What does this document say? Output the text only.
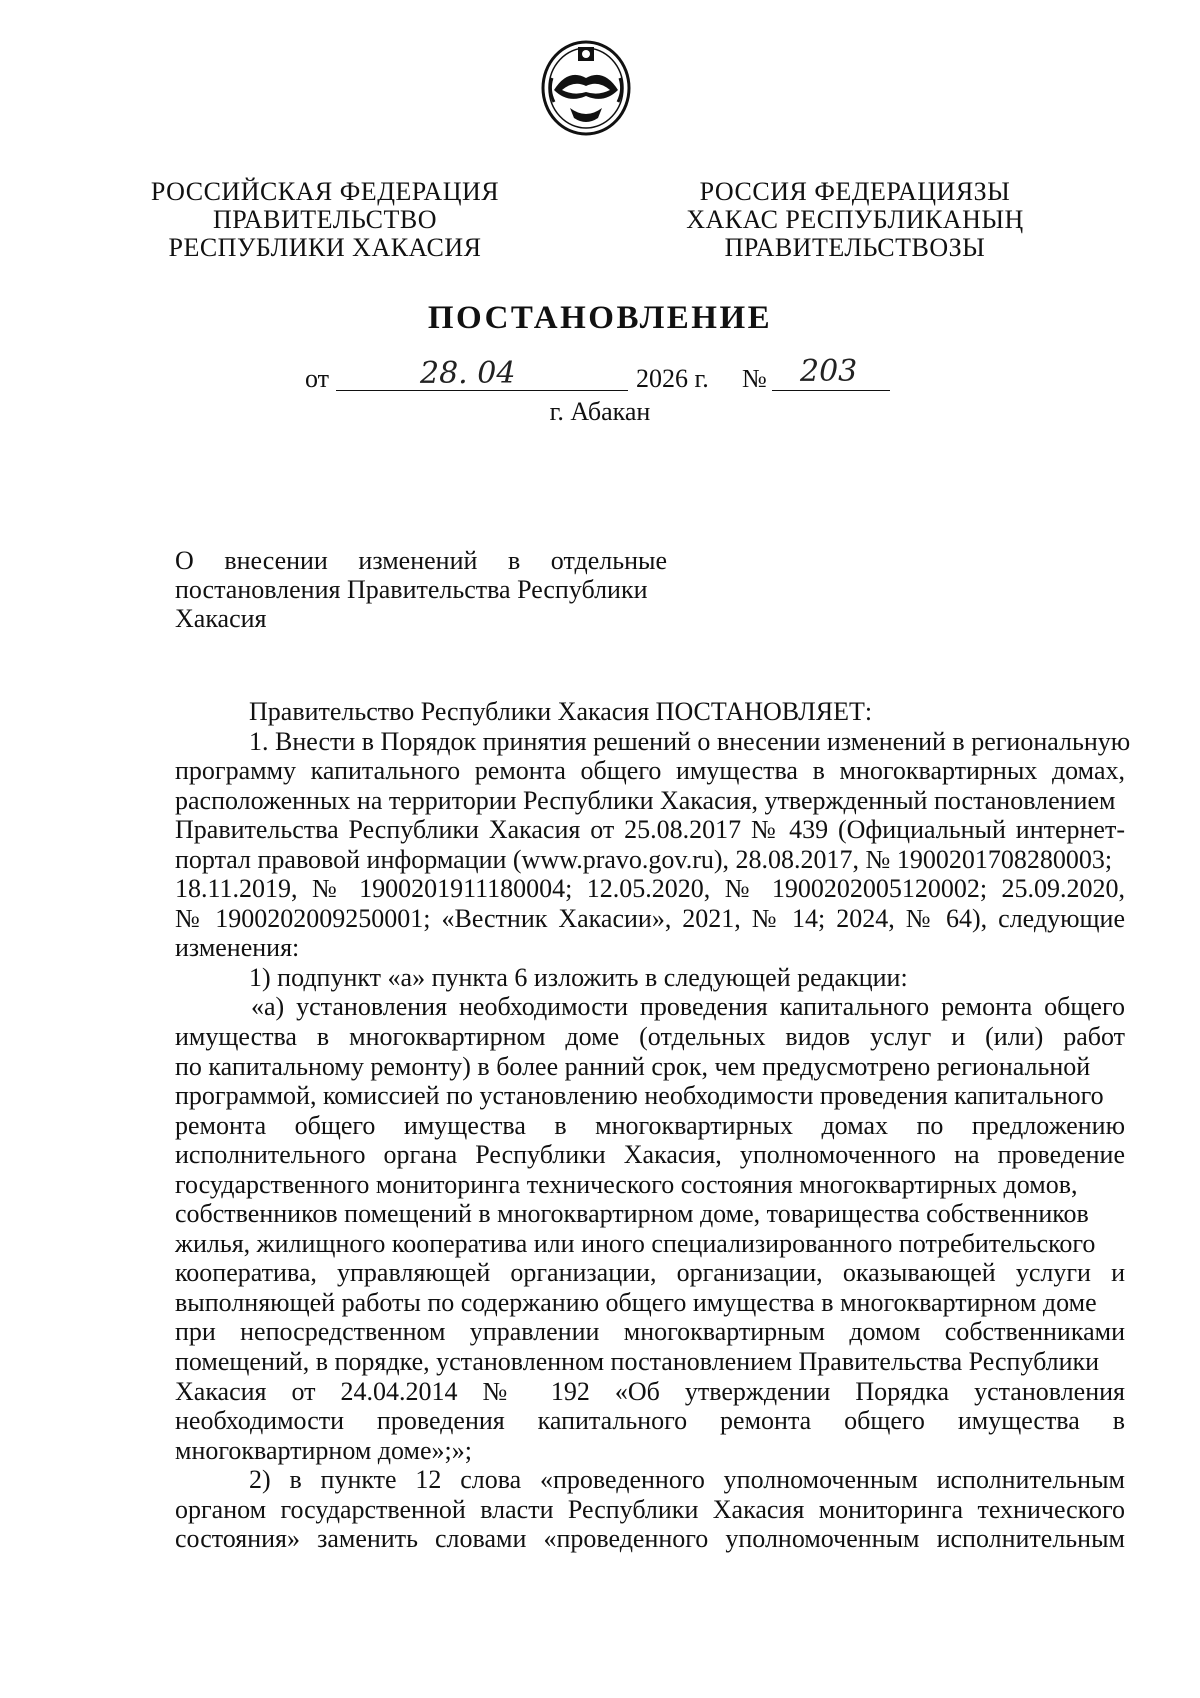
РОССИЙСКАЯ ФЕДЕРАЦИЯ
ПРАВИТЕЛЬСТВО
РЕСПУБЛИКИ ХАКАСИЯ
РОССИЯ ФЕДЕРАЦИЯЗЫ
ХАКАС РЕСПУБЛИКАНЫҢ
ПРАВИТЕЛЬСТВОЗЫ
ПОСТАНОВЛЕНИЕ
от	28. 04	2026 г. № 203
г. Абакан
О внесении изменений в отдельные
постановления Правительства Республики
Хакасия
Правительство Республики Хакасия ПОСТАНОВЛЯЕТ:
1. Внести в Порядок принятия решений о внесении изменений в региональную
программу капитального ремонта общего имущества в многоквартирных домах,
расположенных на территории Республики Хакасия, утвержденный постановлением
Правительства Республики Хакасия от 25.08.2017 № 439 (Официальный интернет-
портал правовой информации (www.pravo.gov.ru), 28.08.2017, № 1900201708280003;
18.11.2019, № 1900201911180004; 12.05.2020, № 1900202005120002; 25.09.2020,
№ 1900202009250001; «Вестник Хакасии», 2021, № 14; 2024, № 64), следующие
изменения:
1) подпункт «а» пункта 6 изложить в следующей редакции:
«а) установления необходимости проведения капитального ремонта общего
имущества в многоквартирном доме (отдельных видов услуг и (или) работ
по капитальному ремонту) в более ранний срок, чем предусмотрено региональной
программой, комиссией по установлению необходимости проведения капитального
ремонта общего имущества в многоквартирных домах по предложению
исполнительного органа Республики Хакасия, уполномоченного на проведение
государственного мониторинга технического состояния многоквартирных домов,
собственников помещений в многоквартирном доме, товарищества собственников
жилья, жилищного кооператива или иного специализированного потребительского
кооператива, управляющей организации, организации, оказывающей услуги и
выполняющей работы по содержанию общего имущества в многоквартирном доме
при непосредственном управлении многоквартирным домом собственниками
помещений, в порядке, установленном постановлением Правительства Республики
Хакасия от 24.04.2014 № 192 «Об утверждении Порядка установления
необходимости проведения капитального ремонта общего имущества в
многоквартирном доме»;»;
2) в пункте 12 слова «проведенного уполномоченным исполнительным
органом государственной власти Республики Хакасия мониторинга технического
состояния» заменить словами «проведенного уполномоченным исполнительным
